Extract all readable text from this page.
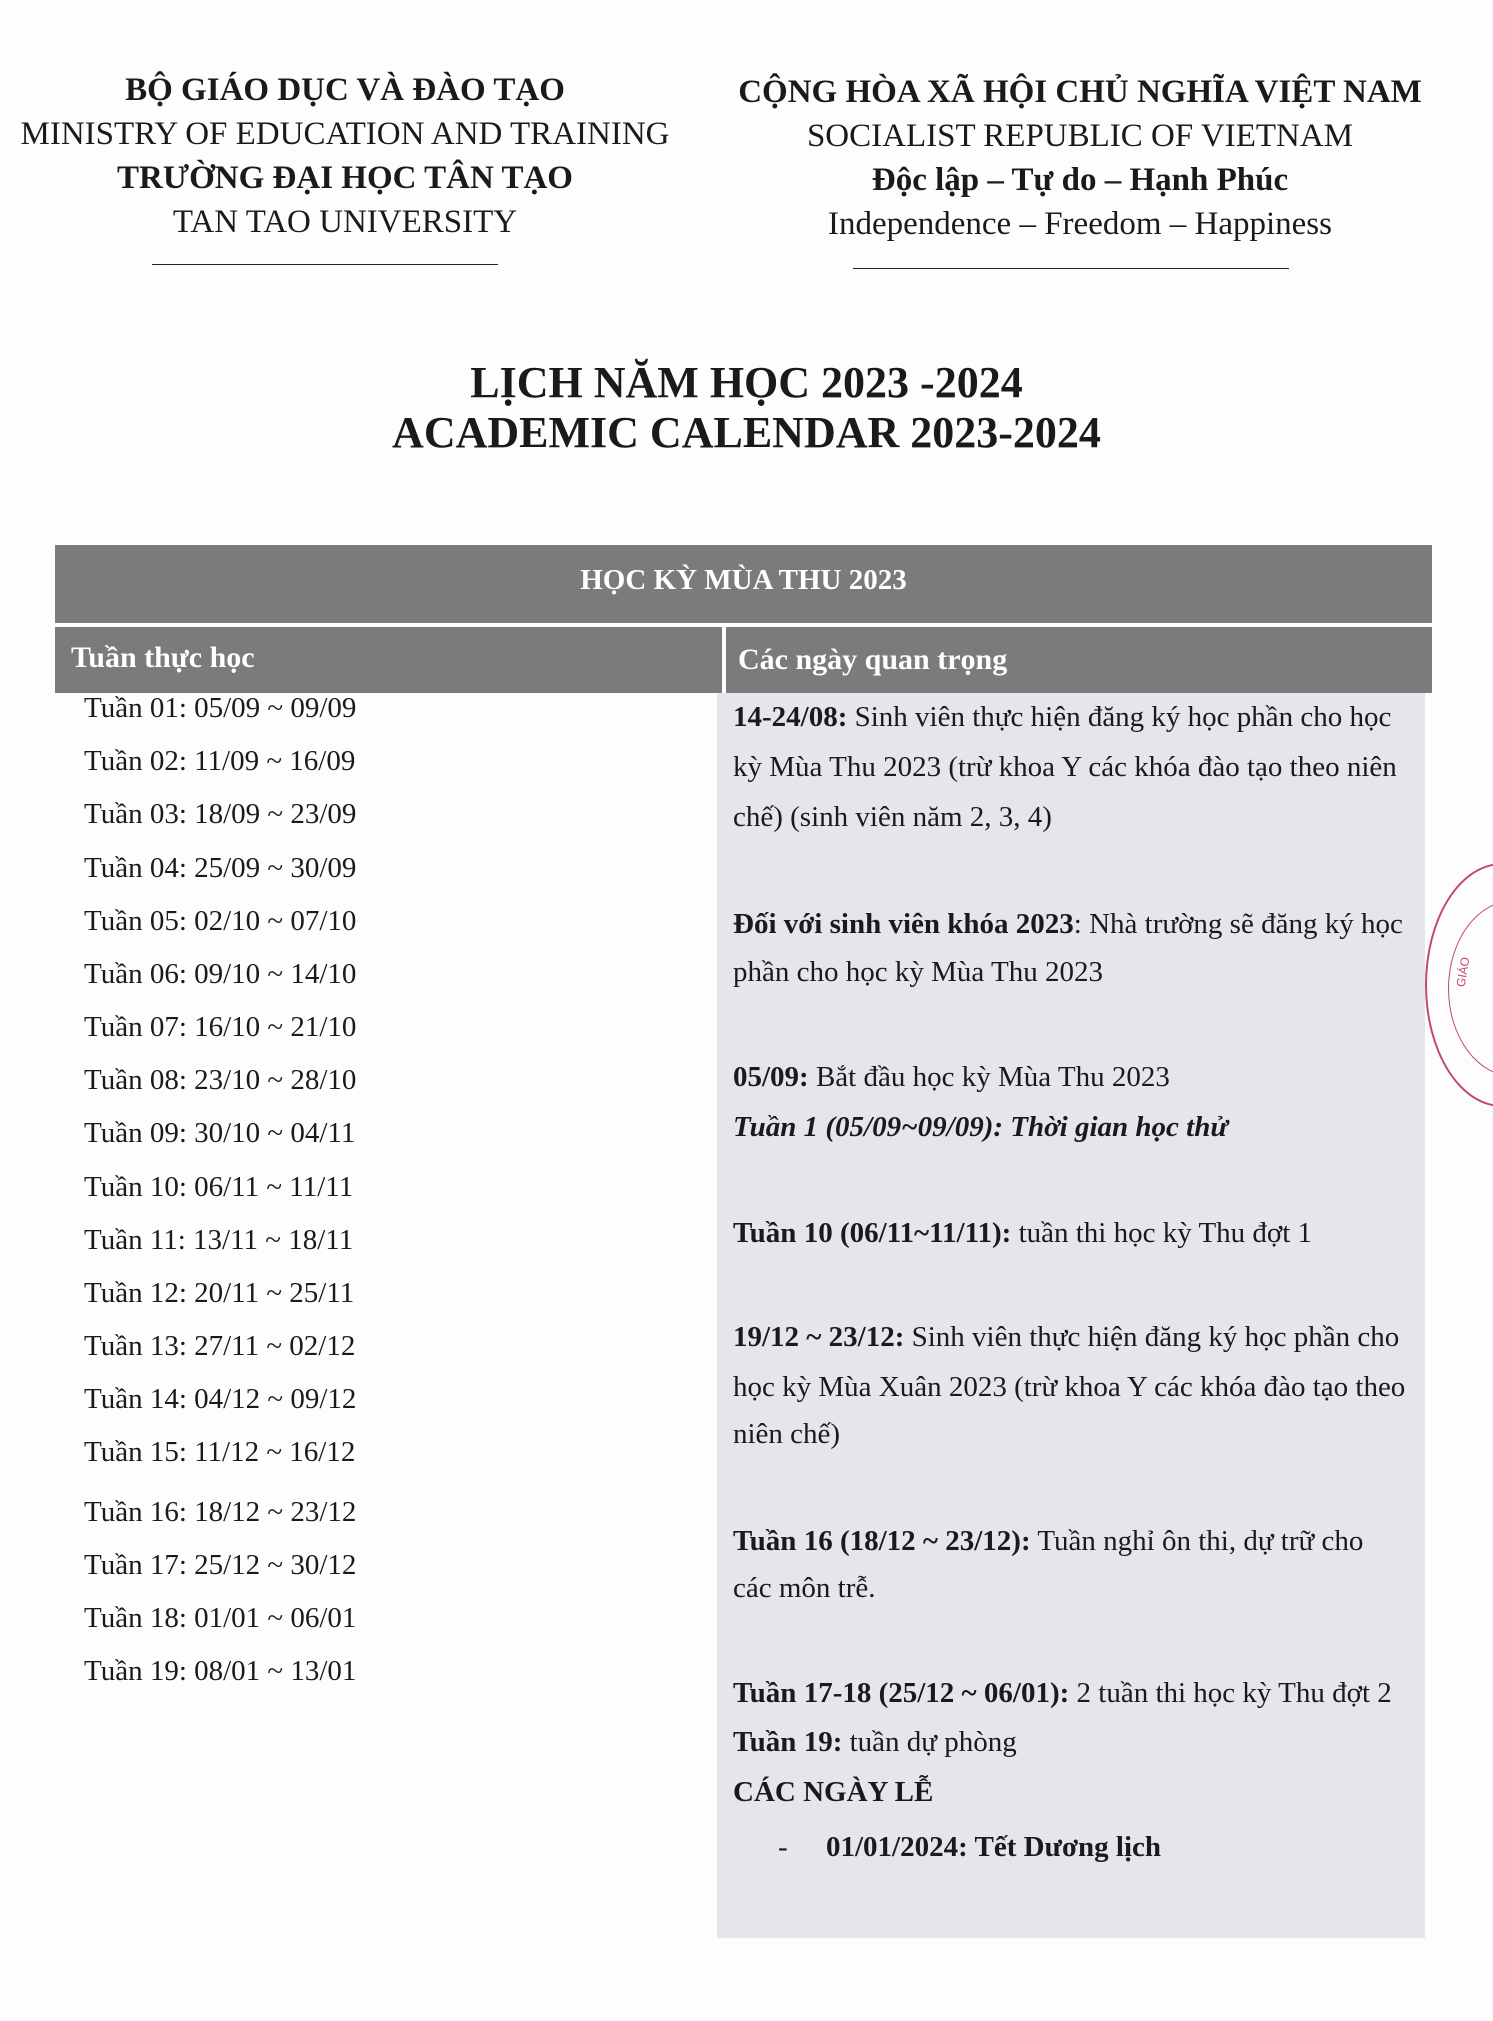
BỘ GIÁO DỤC VÀ ĐÀO TẠO
MINISTRY OF EDUCATION AND TRAINING
TRƯỜNG ĐẠI HỌC TÂN TẠO
TAN TAO UNIVERSITY
CỘNG HÒA XÃ HỘI CHỦ NGHĨA VIỆT NAM
SOCIALIST REPUBLIC OF VIETNAM
Độc lập – Tự do – Hạnh Phúc
Independence – Freedom – Happiness
LỊCH NĂM HỌC 2023 -2024
ACADEMIC CALENDAR 2023-2024
HỌC KỲ MÙA THU 2023
Tuần thực học	Các ngày quan trọng
Tuần 01: 05/09 ~ 09/09
Tuần 02: 11/09 ~ 16/09
Tuần 03: 18/09 ~ 23/09
Tuần 04: 25/09 ~ 30/09
Tuần 05: 02/10 ~ 07/10
Tuần 06: 09/10 ~ 14/10
Tuần 07: 16/10 ~ 21/10
Tuần 08: 23/10 ~ 28/10
Tuần 09: 30/10 ~ 04/11
Tuần 10: 06/11 ~ 11/11
Tuần 11: 13/11 ~ 18/11
Tuần 12: 20/11 ~ 25/11
Tuần 13: 27/11 ~ 02/12
Tuần 14: 04/12 ~ 09/12
Tuần 15: 11/12 ~ 16/12
Tuần 16: 18/12 ~ 23/12
Tuần 17: 25/12 ~ 30/12
Tuần 18: 01/01 ~ 06/01
Tuần 19: 08/01 ~ 13/01
14-24/08: Sinh viên thực hiện đăng ký học phần cho học
kỳ Mùa Thu 2023 (trừ khoa Y các khóa đào tạo theo niên
chế) (sinh viên năm 2, 3, 4)
Đối với sinh viên khóa 2023: Nhà trường sẽ đăng ký học
phần cho học kỳ Mùa Thu 2023
05/09: Bắt đầu học kỳ Mùa Thu 2023
Tuần 1 (05/09~09/09): Thời gian học thử
Tuần 10 (06/11~11/11): tuần thi học kỳ Thu đợt 1
19/12 ~ 23/12: Sinh viên thực hiện đăng ký học phần cho
học kỳ Mùa Xuân 2023 (trừ khoa Y các khóa đào tạo theo
niên chế)
Tuần 16 (18/12 ~ 23/12): Tuần nghỉ ôn thi, dự trữ cho
các môn trễ.
Tuần 17-18 (25/12 ~ 06/01): 2 tuần thi học kỳ Thu đợt 2
Tuần 19: tuần dự phòng
CÁC NGÀY LỄ
- 01/01/2024: Tết Dương lịch
GIÁO
